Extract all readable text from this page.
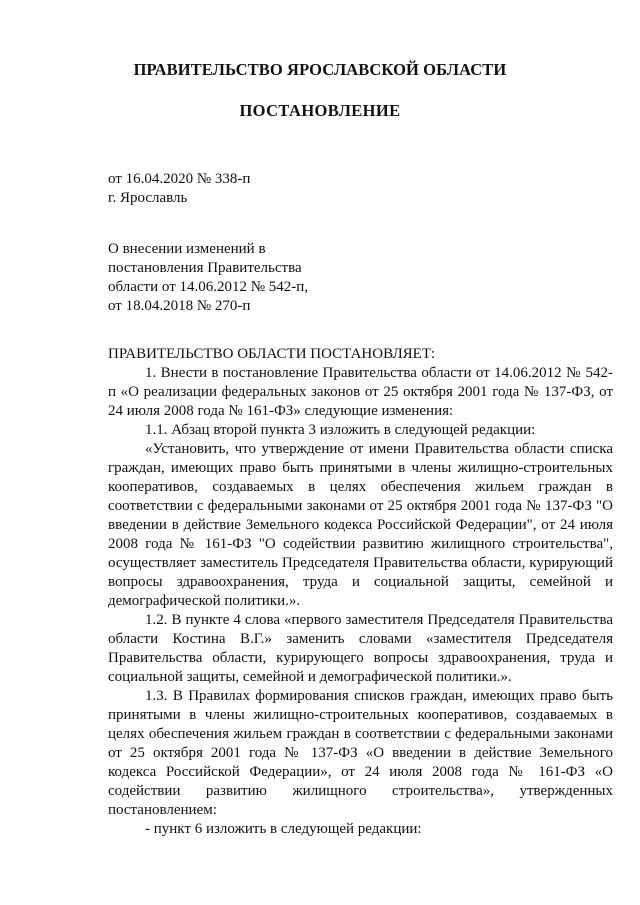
ПРАВИТЕЛЬСТВО ЯРОСЛАВСКОЙ ОБЛАСТИ
ПОСТАНОВЛЕНИЕ
от 16.04.2020 № 338-п
г. Ярославль
О внесении изменений в
постановления Правительства
области от 14.06.2012 № 542-п,
от 18.04.2018 № 270-п

ПРАВИТЕЛЬСТВО ОБЛАСТИ ПОСТАНОВЛЯЕТ:

1. Внести в постановление Правительства области от 14.06.2012 № 542-п «О реализации федеральных законов от 25 октября 2001 года № 137-ФЗ, от 24 июля 2008 года № 161-ФЗ» следующие изменения:

1.1. Абзац второй пункта 3 изложить в следующей редакции:

«Установить, что утверждение от имени Правительства области списка граждан, имеющих право быть принятыми в члены жилищно-строительных кооперативов, создаваемых в целях обеспечения жильем граждан в соответствии с федеральными законами от 25 октября 2001 года № 137-ФЗ "О введении в действие Земельного кодекса Российской Федерации", от 24 июля 2008 года № 161-ФЗ "О содействии развитию жилищного строительства", осуществляет заместитель Председателя Правительства области, курирующий вопросы здравоохранения, труда и социальной защиты, семейной и демографической политики.».

1.2. В пункте 4 слова «первого заместителя Председателя Правительства области Костина В.Г.» заменить словами «заместителя Председателя Правительства области, курирующего вопросы здравоохранения, труда и социальной защиты, семейной и демографической политики.».

1.3. В Правилах формирования списков граждан, имеющих право быть принятыми в члены жилищно-строительных кооперативов, создаваемых в целях обеспечения жильем граждан в соответствии с федеральными законами от 25 октября 2001 года № 137-ФЗ «О введении в действие Земельного кодекса Российской Федерации», от 24 июля 2008 года № 161-ФЗ «О содействии развитию жилищного строительства», утвержденных постановлением:

- пункт 6 изложить в следующей редакции:
